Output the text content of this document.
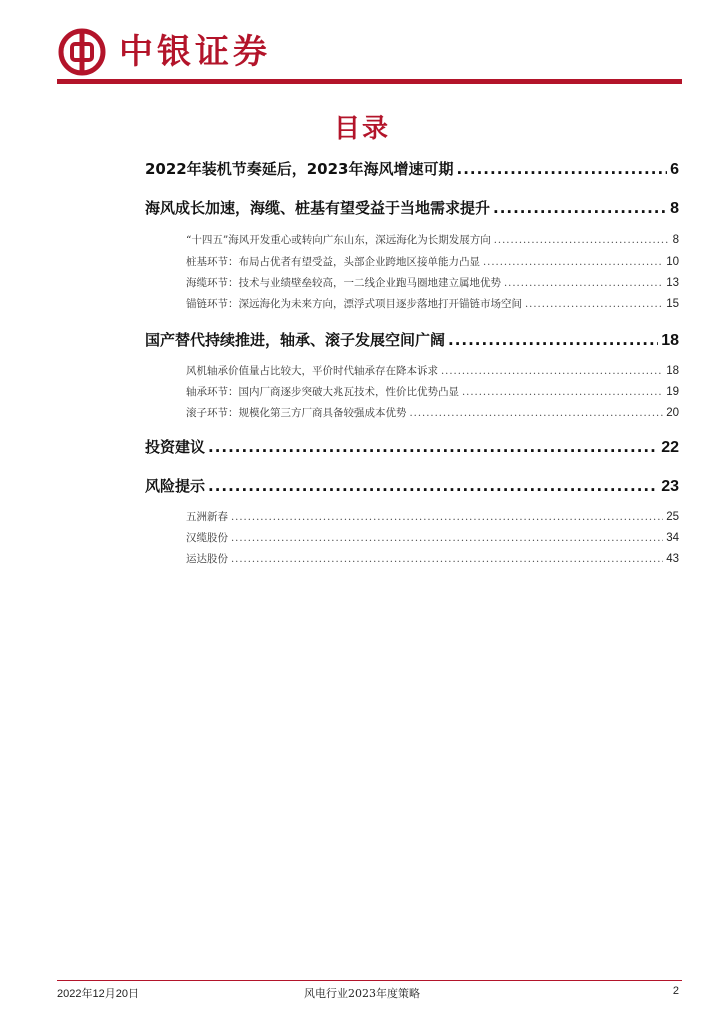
中银证券
目录
2022年装机节奏延后，2023年海风增速可期 .....	6
海风成长加速，海缆、桩基有望受益于当地需求提升 .....	8
“十四五”海风开发重心或转向广东山东，深远海化为长期发展方向 .....	8
桩基环节：布局占优者有望受益，头部企业跨地区接单能力凸显 .....	10
海缆环节：技术与业绩壁垒较高，一二线企业跑马圈地建立属地优势 .....	13
锚链环节：深远海化为未来方向，漂浮式项目逐步落地打开锚链市场空间 .....	15
国产替代持续推进，轴承、滚子发展空间广阔 .....	18
风机轴承价值量占比较大，平价时代轴承存在降本诉求 .....	18
轴承环节：国内厂商逐步突破大兆瓦技术，性价比优势凸显 .....	19
滚子环节：规模化第三方厂商具备较强成本优势 .....	20
投资建议 .....	22
风险提示 .....	23
五洲新春 .....	25
汉缆股份 .....	34
运达股份 .....	43
2022年12月20日	风电行业2023年度策略	2
